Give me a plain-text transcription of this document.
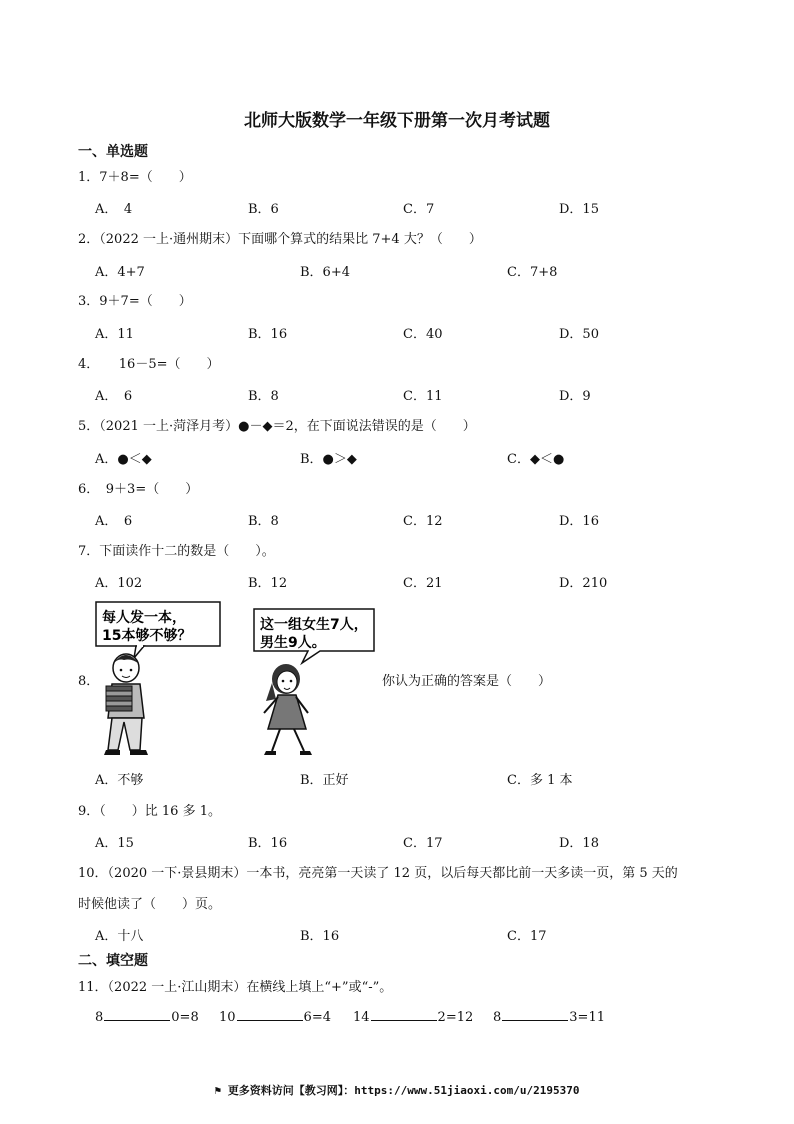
北师大版数学一年级下册第一次月考试题
一、单选题
1．7＋8=（　　）
A．　4	B．6	C．7	D．15
2．（2022 一上·通州期末）下面哪个算式的结果比 7+4 大？（　　）
A．4+7	B．6+4	C．7+8
3．9＋7=（　　）
A．11	B．16	C．40	D．50
4．　　16－5=（　　）
A．　6	B．8	C．11	D．9
5．（2021 一上·菏泽月考）●－◆＝2，在下面说法错误的是（　　）
A．●＜◆	B．●＞◆	C．◆＜●
6．　9＋3=（　　）
A．　6	B．8	C．12	D．16
7．下面读作十二的数是（　　）。
A．102	B．12	C．21	D．210
8．
每人发一本，
15本够不够？
这一组女生7人，
男生9人。
你认为正确的答案是（　　）
A．不够	B．正好	C．多 1 本
9．（　　）比 16 多 1。
A．15	B．16	C．17	D．18
10．（2020 一下·景县期末）一本书，亮亮第一天读了 12 页，以后每天都比前一天多读一页，第 5 天的
时候他读了（　　）页。
A．十八	B．16	C．17
二、填空题
11．（2022 一上·江山期末）在横线上填上“+”或“-”。
8	0=8 10	6=4 14	2=12 8	3=11
⚑ 更多资料访问【教习网】：https://www.51jiaoxi.com/u/2195370
